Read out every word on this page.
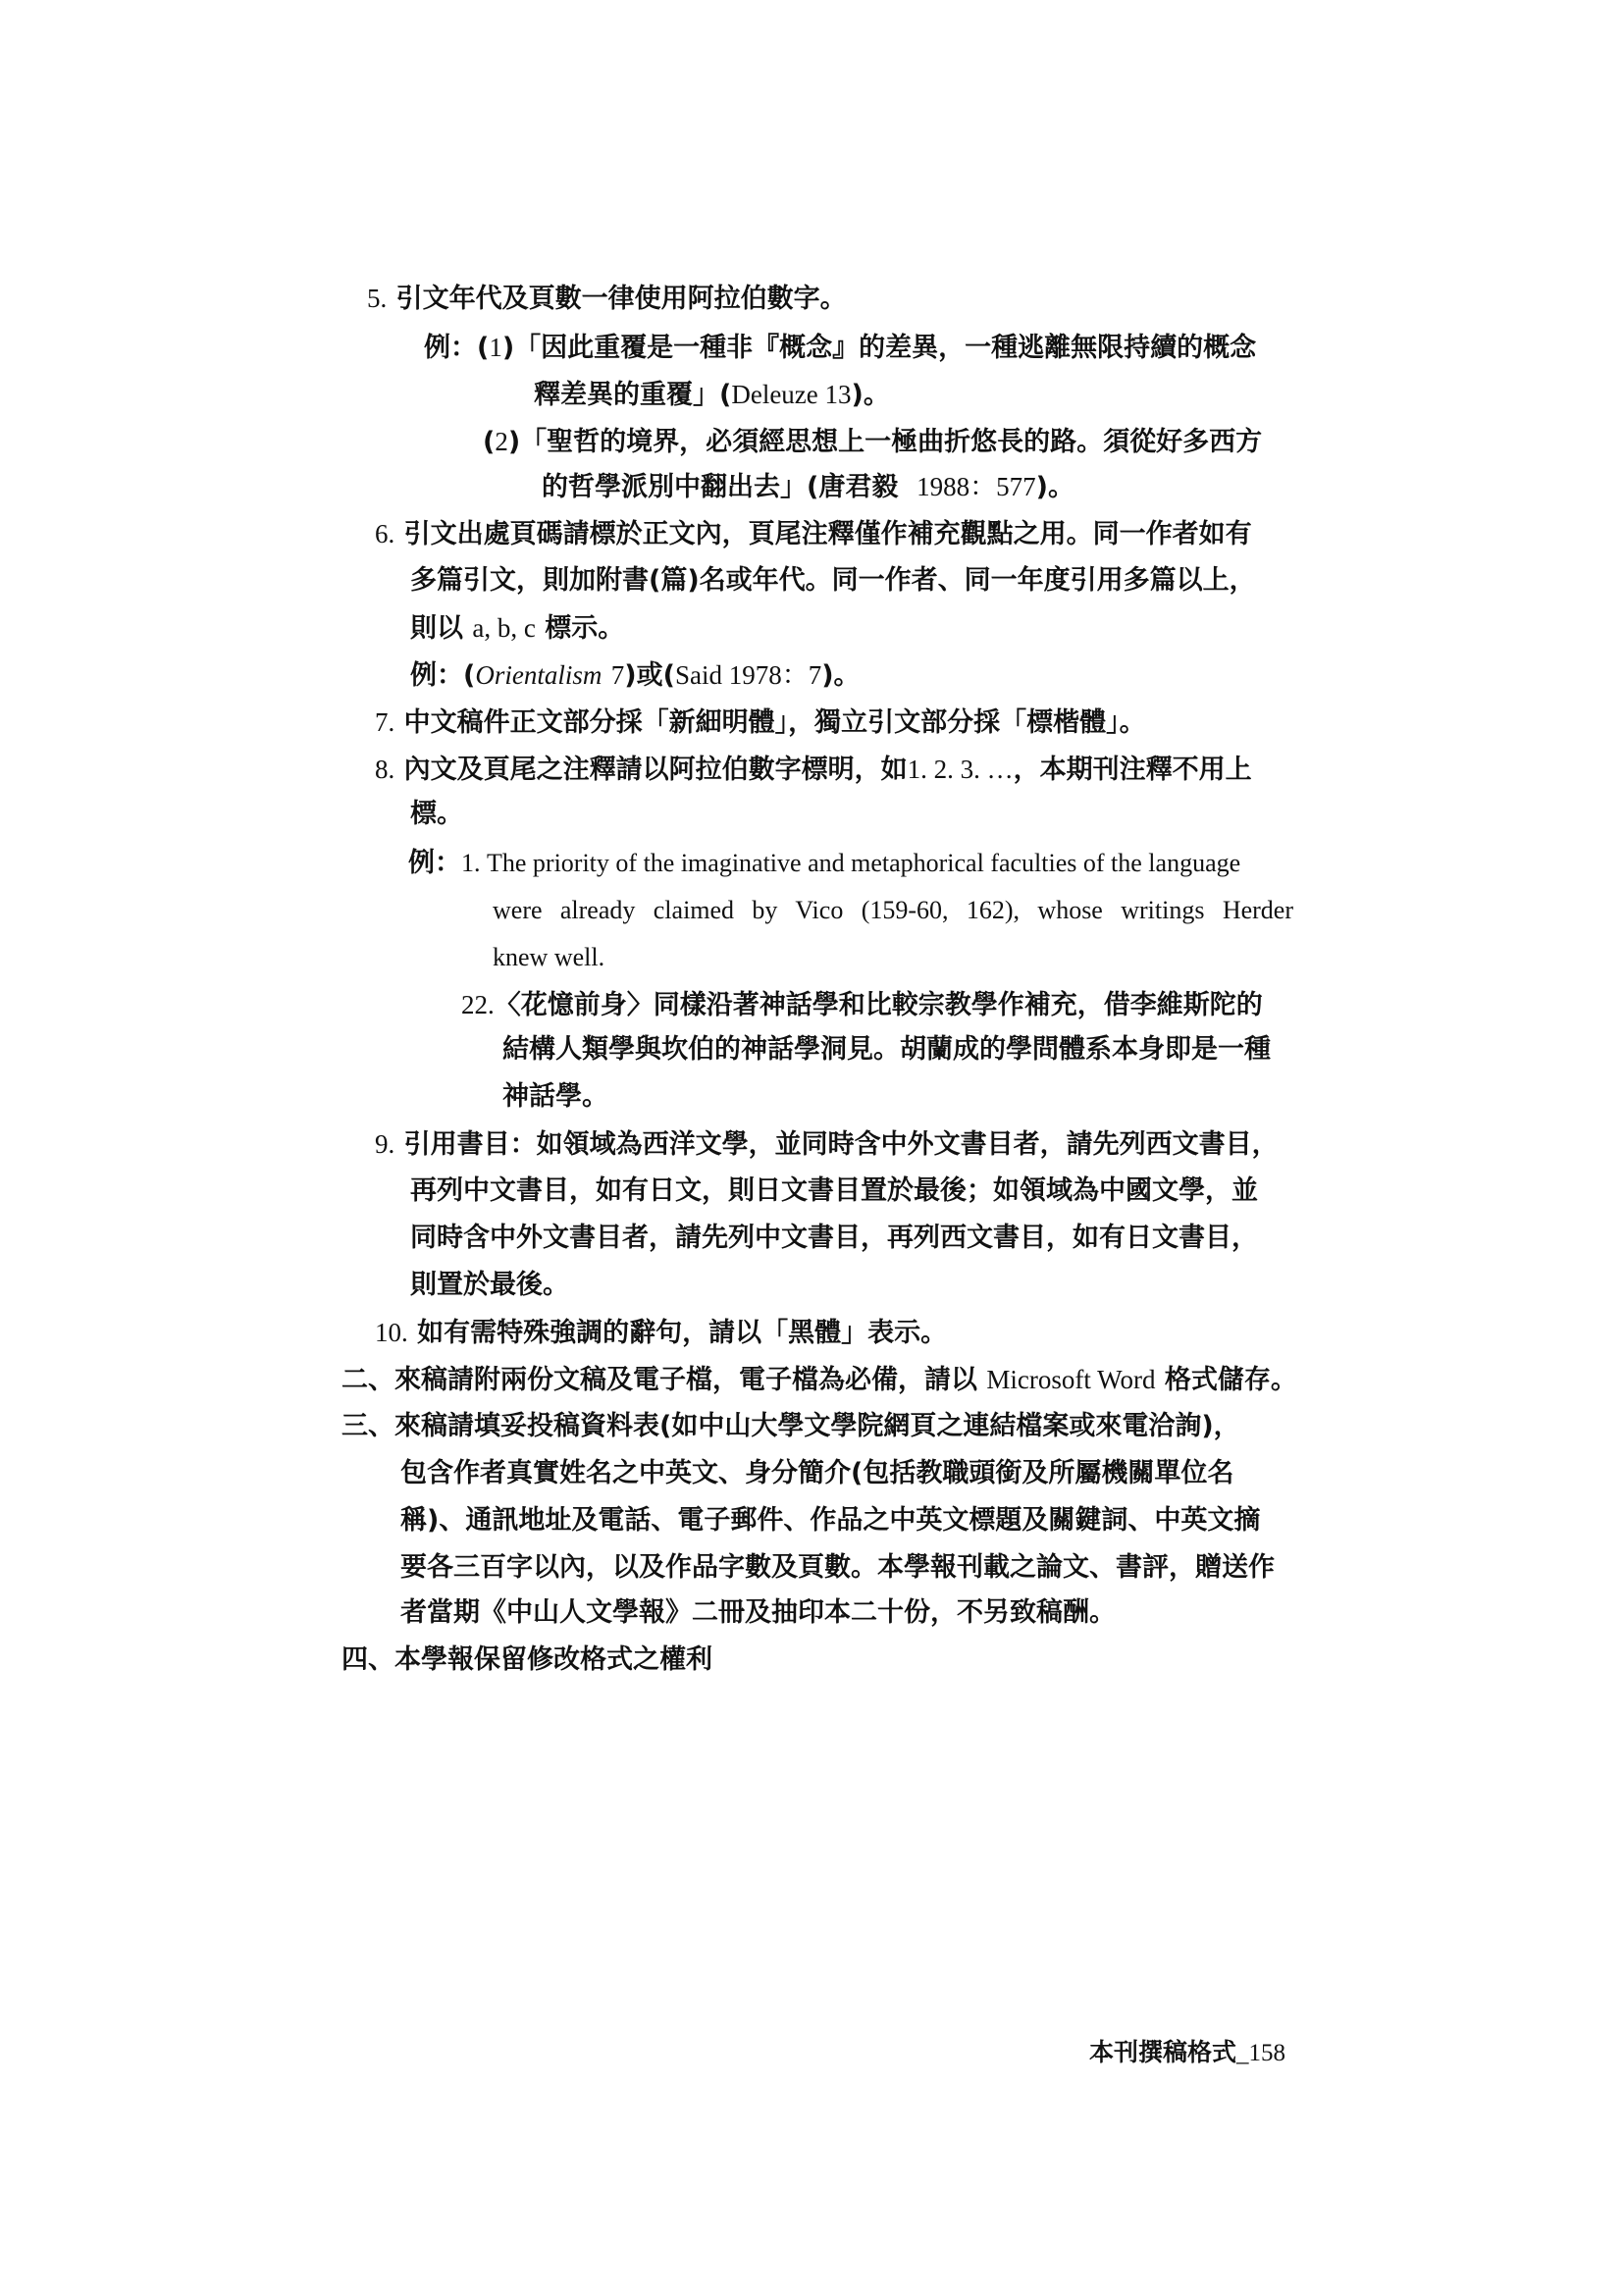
5. 引文年代及頁數一律使用阿拉伯數字。
例：(1)「因此重覆是一種非『概念』的差異，一種逃離無限持續的概念
釋差異的重覆」(Deleuze 13)。
(2)「聖哲的境界，必須經思想上一極曲折悠長的路。須從好多西方
的哲學派別中翻出去」(唐君毅 1988：577)。
6. 引文出處頁碼請標於正文內，頁尾注釋僅作補充觀點之用。同一作者如有
多篇引文，則加附書(篇)名或年代。同一作者、同一年度引用多篇以上，
則以 a, b, c 標示。
例：(Orientalism 7)或(Said 1978：7)。
7. 中文稿件正文部分採「新細明體」，獨立引文部分採「標楷體」。
8. 內文及頁尾之注釋請以阿拉伯數字標明，如1. 2. 3. …，本期刊注釋不用上
標。
例：1. The priority of the imaginative and metaphorical faculties of the language
were already claimed by Vico (159-60, 162), whose writings Herder
knew well.
22.〈花憶前身〉同樣沿著神話學和比較宗教學作補充，借李維斯陀的
結構人類學與坎伯的神話學洞見。胡蘭成的學問體系本身即是一種
神話學。
9. 引用書目：如領域為西洋文學，並同時含中外文書目者，請先列西文書目，
再列中文書目，如有日文，則日文書目置於最後；如領域為中國文學，並
同時含中外文書目者，請先列中文書目，再列西文書目，如有日文書目，
則置於最後。
10. 如有需特殊強調的辭句，請以「黑體」表示。
二、來稿請附兩份文稿及電子檔，電子檔為必備，請以 Microsoft Word 格式儲存。
三、來稿請填妥投稿資料表(如中山大學文學院網頁之連結檔案或來電洽詢)，
包含作者真實姓名之中英文、身分簡介(包括教職頭銜及所屬機關單位名
稱)、通訊地址及電話、電子郵件、作品之中英文標題及關鍵詞、中英文摘
要各三百字以內，以及作品字數及頁數。本學報刊載之論文、書評，贈送作
者當期《中山人文學報》二冊及抽印本二十份，不另致稿酬。
四、本學報保留修改格式之權利
本刊撰稿格式_158
